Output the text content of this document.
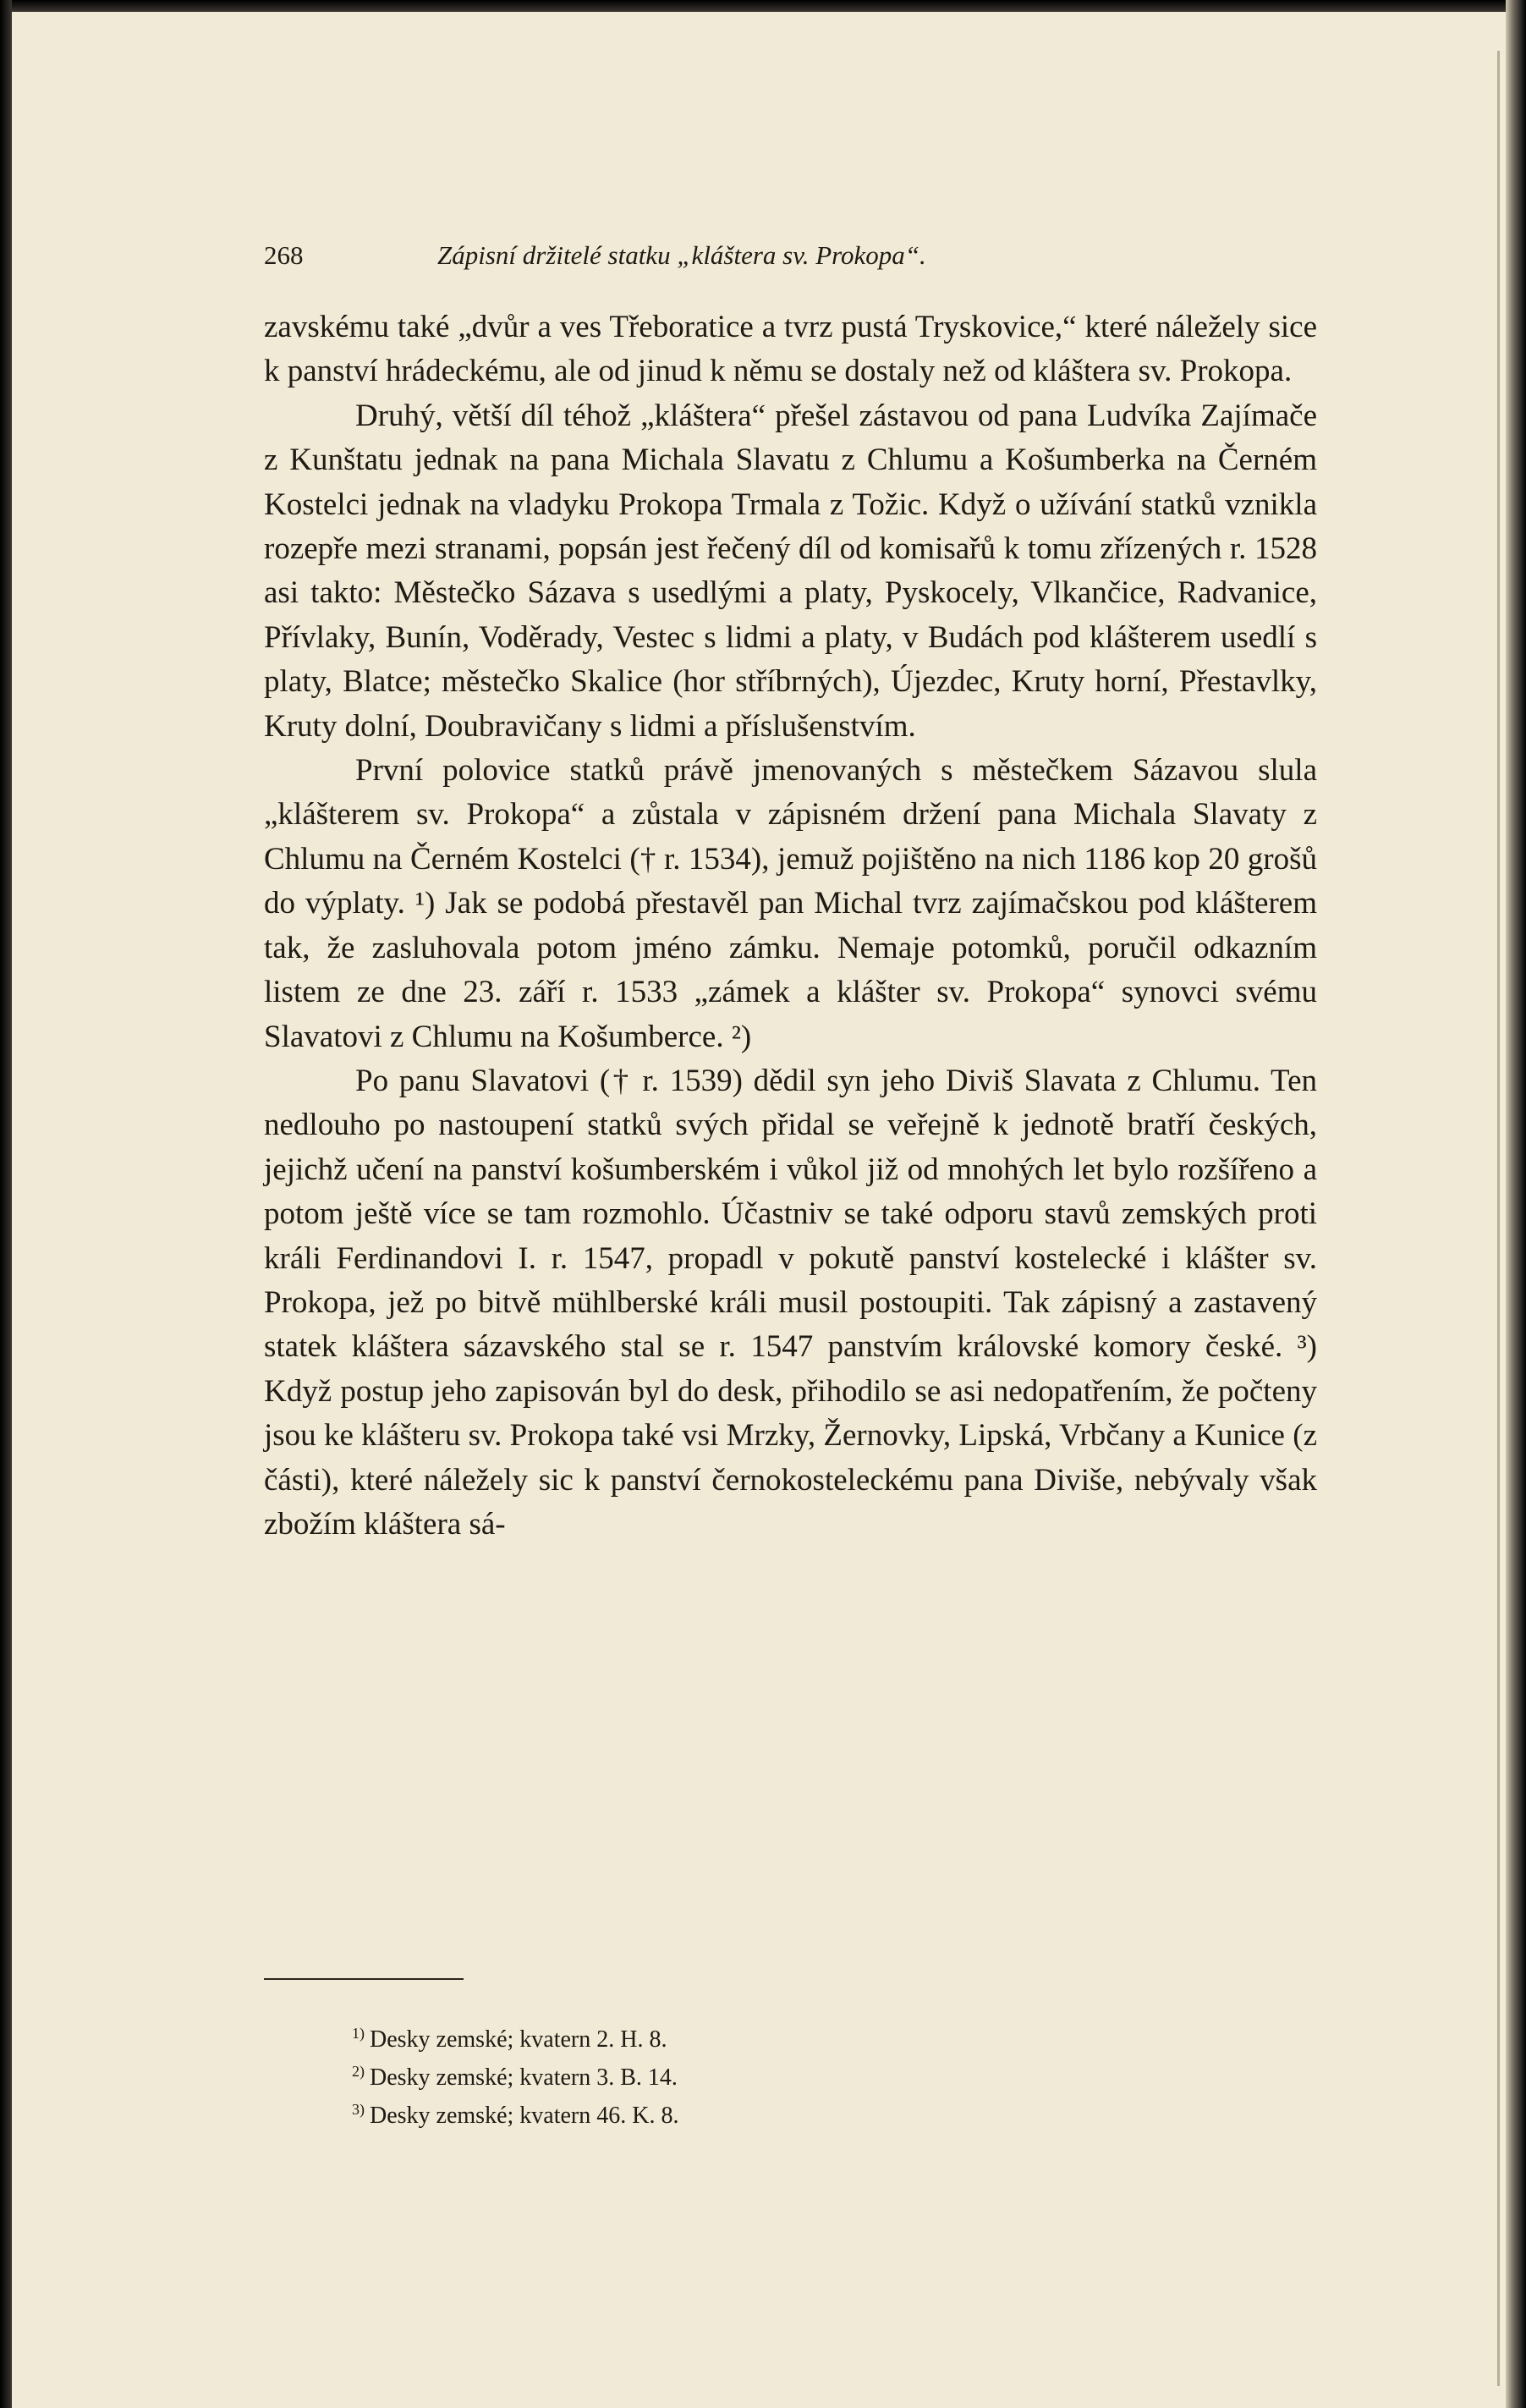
268	Zápisní držitelé statku „kláštera sv. Prokopa“.

zavskému také „dvůr a ves Třeboratice a tvrz pustá Tryskovice,“ které náležely sice k panství hrádeckému, ale od jinud k němu se dostaly než od kláštera sv. Prokopa.

Druhý, větší díl téhož „kláštera“ přešel zástavou od pana Ludvíka Zajímače z Kunštatu jednak na pana Michala Slavatu z Chlumu a Košumberka na Černém Kostelci jednak na vladyku Prokopa Trmala z Tožic. Když o užívání statků vznikla rozepře mezi stranami, popsán jest řečený díl od komisařů k tomu zřízených r. 1528 asi takto: Městečko Sázava s usedlými a platy, Pyskocely, Vlkančice, Radvanice, Přívlaky, Bunín, Voděrady, Vestec s lidmi a platy, v Budách pod klášterem usedlí s platy, Blatce; městečko Skalice (hor stříbrných), Újezdec, Kruty horní, Přestavlky, Kruty dolní, Doubravičany s lidmi a příslušenstvím.

První polovice statků právě jmenovaných s městečkem Sázavou slula „klášterem sv. Prokopa“ a zůstala v zápisném držení pana Michala Slavaty z Chlumu na Černém Kostelci († r. 1534), jemuž pojištěno na nich 1186 kop 20 grošů do výplaty. ¹) Jak se podobá přestavěl pan Michal tvrz zajímačskou pod klášterem tak, že zasluhovala potom jméno zámku. Nemaje potomků, poručil odkazním listem ze dne 23. září r. 1533 „zámek a klášter sv. Prokopa“ synovci svému Slavatovi z Chlumu na Košumberce. ²)

Po panu Slavatovi († r. 1539) dědil syn jeho Diviš Slavata z Chlumu. Ten nedlouho po nastoupení statků svých přidal se veřejně k jednotě bratří českých, jejichž učení na panství košumberském i vůkol již od mnohých let bylo rozšířeno a potom ještě více se tam rozmohlo. Účastniv se také odporu stavů zemských proti králi Ferdinandovi I. r. 1547, propadl v pokutě panství kostelecké i klášter sv. Prokopa, jež po bitvě mühlberské králi musil postoupiti. Tak zápisný a zastavený statek kláštera sázavského stal se r. 1547 panstvím královské komory české. ³) Když postup jeho zapisován byl do desk, přihodilo se asi nedopatřením, že počteny jsou ke klášteru sv. Prokopa také vsi Mrzky, Žernovky, Lipská, Vrbčany a Kunice (z části), které náležely sic k panství černokosteleckému pana Diviše, nebývaly však zbožím kláštera sá-

$^{1)}$ Desky zemské; kvatern 2. H. 8.
$^{2)}$ Desky zemské; kvatern 3. B. 14.
$^{3)}$ Desky zemské; kvatern 46. K. 8.
